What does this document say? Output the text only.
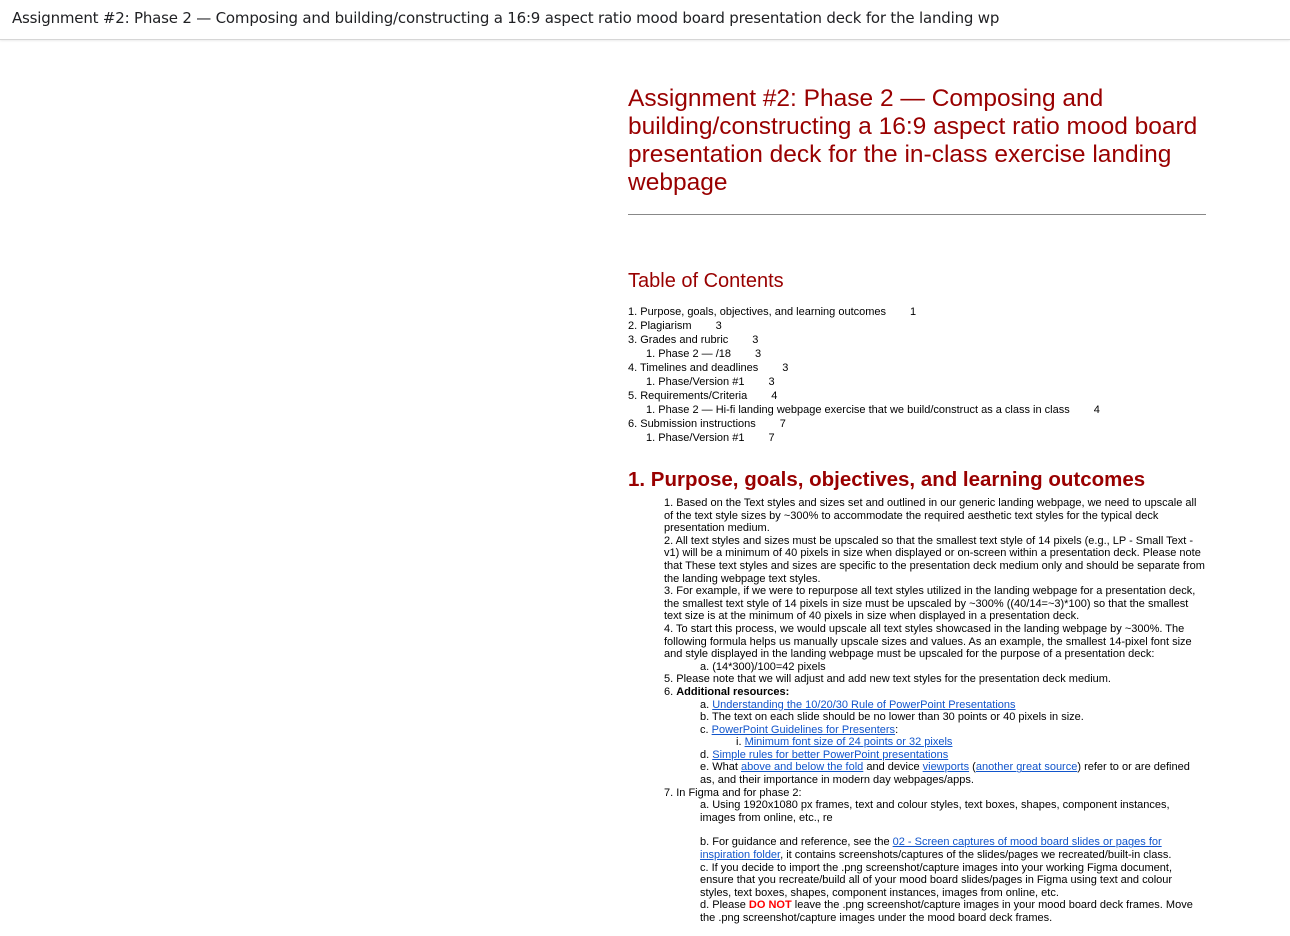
Assignment #2: Phase 2 — Composing and building/constructing a 16:9 aspect ratio mood board presentation deck for the landing wp
Assignment #2: Phase 2 — Composing and building/constructing a 16:9 aspect ratio mood board presentation deck for the in-class exercise landing webpage
Table of Contents
1. Purpose, goals, objectives, and learning outcomes 1
2. Plagiarism 3
3. Grades and rubric 3
1. Phase 2 — /18 3
4. Timelines and deadlines 3
1. Phase/Version #1 3
5. Requirements/Criteria 4
1. Phase 2 — Hi-fi landing webpage exercise that we build/construct as a class in class 4
6. Submission instructions 7
1. Phase/Version #1 7
1. Purpose, goals, objectives, and learning outcomes
1. Based on the Text styles and sizes set and outlined in our generic landing webpage, we need to upscale all of the text style sizes by ~300% to accommodate the required aesthetic text styles for the typical deck presentation medium.
2. All text styles and sizes must be upscaled so that the smallest text style of 14 pixels (e.g., LP - Small Text - v1) will be a minimum of 40 pixels in size when displayed or on-screen within a presentation deck. Please note that These text styles and sizes are specific to the presentation deck medium only and should be separate from the landing webpage text styles.
3. For example, if we were to repurpose all text styles utilized in the landing webpage for a presentation deck, the smallest text style of 14 pixels in size must be upscaled by ~300% ((40/14=~3)*100) so that the smallest text size is at the minimum of 40 pixels in size when displayed in a presentation deck.
4. To start this process, we would upscale all text styles showcased in the landing webpage by ~300%. The following formula helps us manually upscale sizes and values. As an example, the smallest 14-pixel font size and style displayed in the landing webpage must be upscaled for the purpose of a presentation deck:
a. (14*300)/100=42 pixels
5. Please note that we will adjust and add new text styles for the presentation deck medium.
6. Additional resources:
a. Understanding the 10/20/30 Rule of PowerPoint Presentations
b. The text on each slide should be no lower than 30 points or 40 pixels in size.
c. PowerPoint Guidelines for Presenters:
i. Minimum font size of 24 points or 32 pixels
d. Simple rules for better PowerPoint presentations
e. What above and below the fold and device viewports (another great source) refer to or are defined as, and their importance in modern day webpages/apps.
7. In Figma and for phase 2:
a. Using 1920x1080 px frames, text and colour styles, text boxes, shapes, component instances, images from online, etc., re
b. For guidance and reference, see the 02 - Screen captures of mood board slides or pages for inspiration folder, it contains screenshots/captures of the slides/pages we recreated/built-in class.
c. If you decide to import the .png screenshot/capture images into your working Figma document, ensure that you recreate/build all of your mood board slides/pages in Figma using text and colour styles, text boxes, shapes, component instances, images from online, etc.
d. Please DO NOT leave the .png screenshot/capture images in your mood board deck frames. Move the .png screenshot/capture images under the mood board deck frames.
